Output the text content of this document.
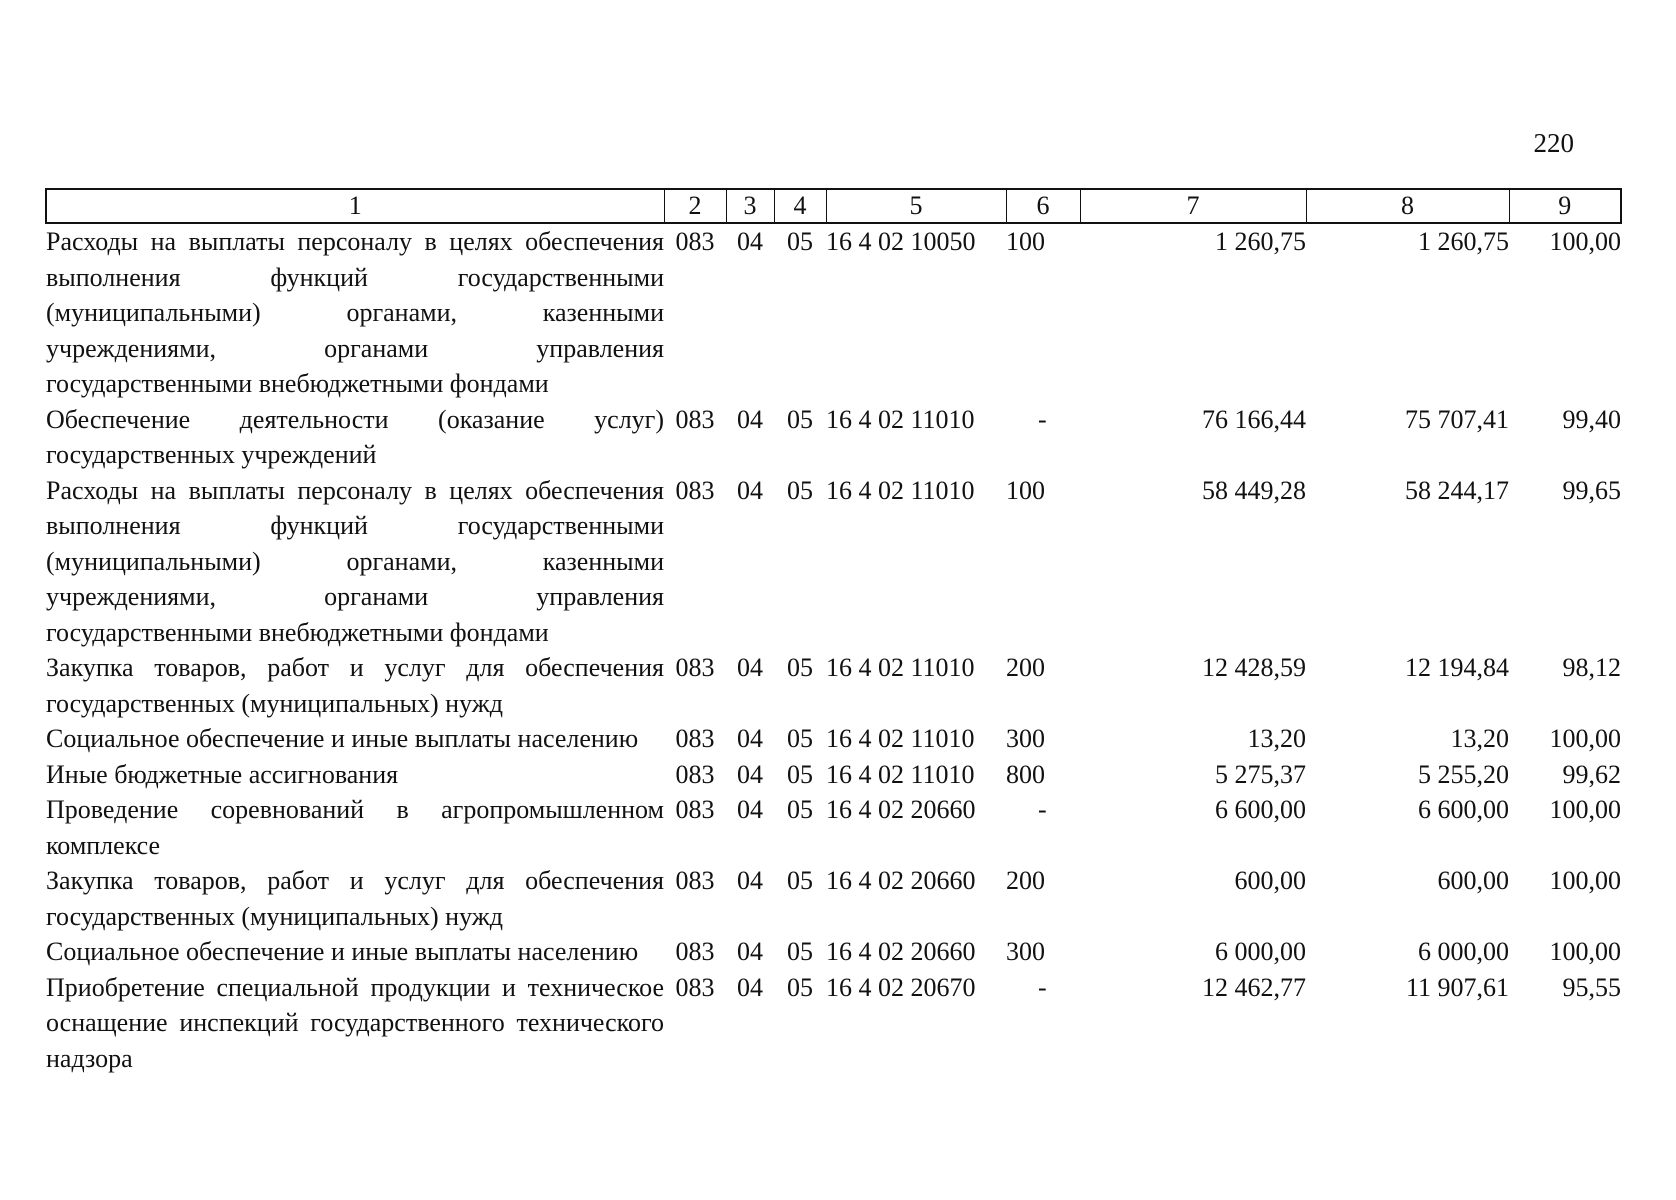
220
1	2	3	4	5	6	7	8	9
Расходы на выплаты персоналу в целях обеспечения выполнения функций государственными (муниципальными) органами, казенными учреждениями, органами управления государственными внебюджетными фондами	083	04	05	16 4 02 10050	100	1 260,75	1 260,75	100,00
Обеспечение деятельности (оказание услуг) государственных учреждений	083	04	05	16 4 02 11010	-	76 166,44	75 707,41	99,40
Расходы на выплаты персоналу в целях обеспечения выполнения функций государственными (муниципальными) органами, казенными учреждениями, органами управления государственными внебюджетными фондами	083	04	05	16 4 02 11010	100	58 449,28	58 244,17	99,65
Закупка товаров, работ и услуг для обеспечения государственных (муниципальных) нужд	083	04	05	16 4 02 11010	200	12 428,59	12 194,84	98,12
Социальное обеспечение и иные выплаты населению	083	04	05	16 4 02 11010	300	13,20	13,20	100,00
Иные бюджетные ассигнования	083	04	05	16 4 02 11010	800	5 275,37	5 255,20	99,62
Проведение соревнований в агропромышленном комплексе	083	04	05	16 4 02 20660	-	6 600,00	6 600,00	100,00
Закупка товаров, работ и услуг для обеспечения государственных (муниципальных) нужд	083	04	05	16 4 02 20660	200	600,00	600,00	100,00
Социальное обеспечение и иные выплаты населению	083	04	05	16 4 02 20660	300	6 000,00	6 000,00	100,00
Приобретение специальной продукции и техническое оснащение инспекций государственного технического надзора	083	04	05	16 4 02 20670	-	12 462,77	11 907,61	95,55
